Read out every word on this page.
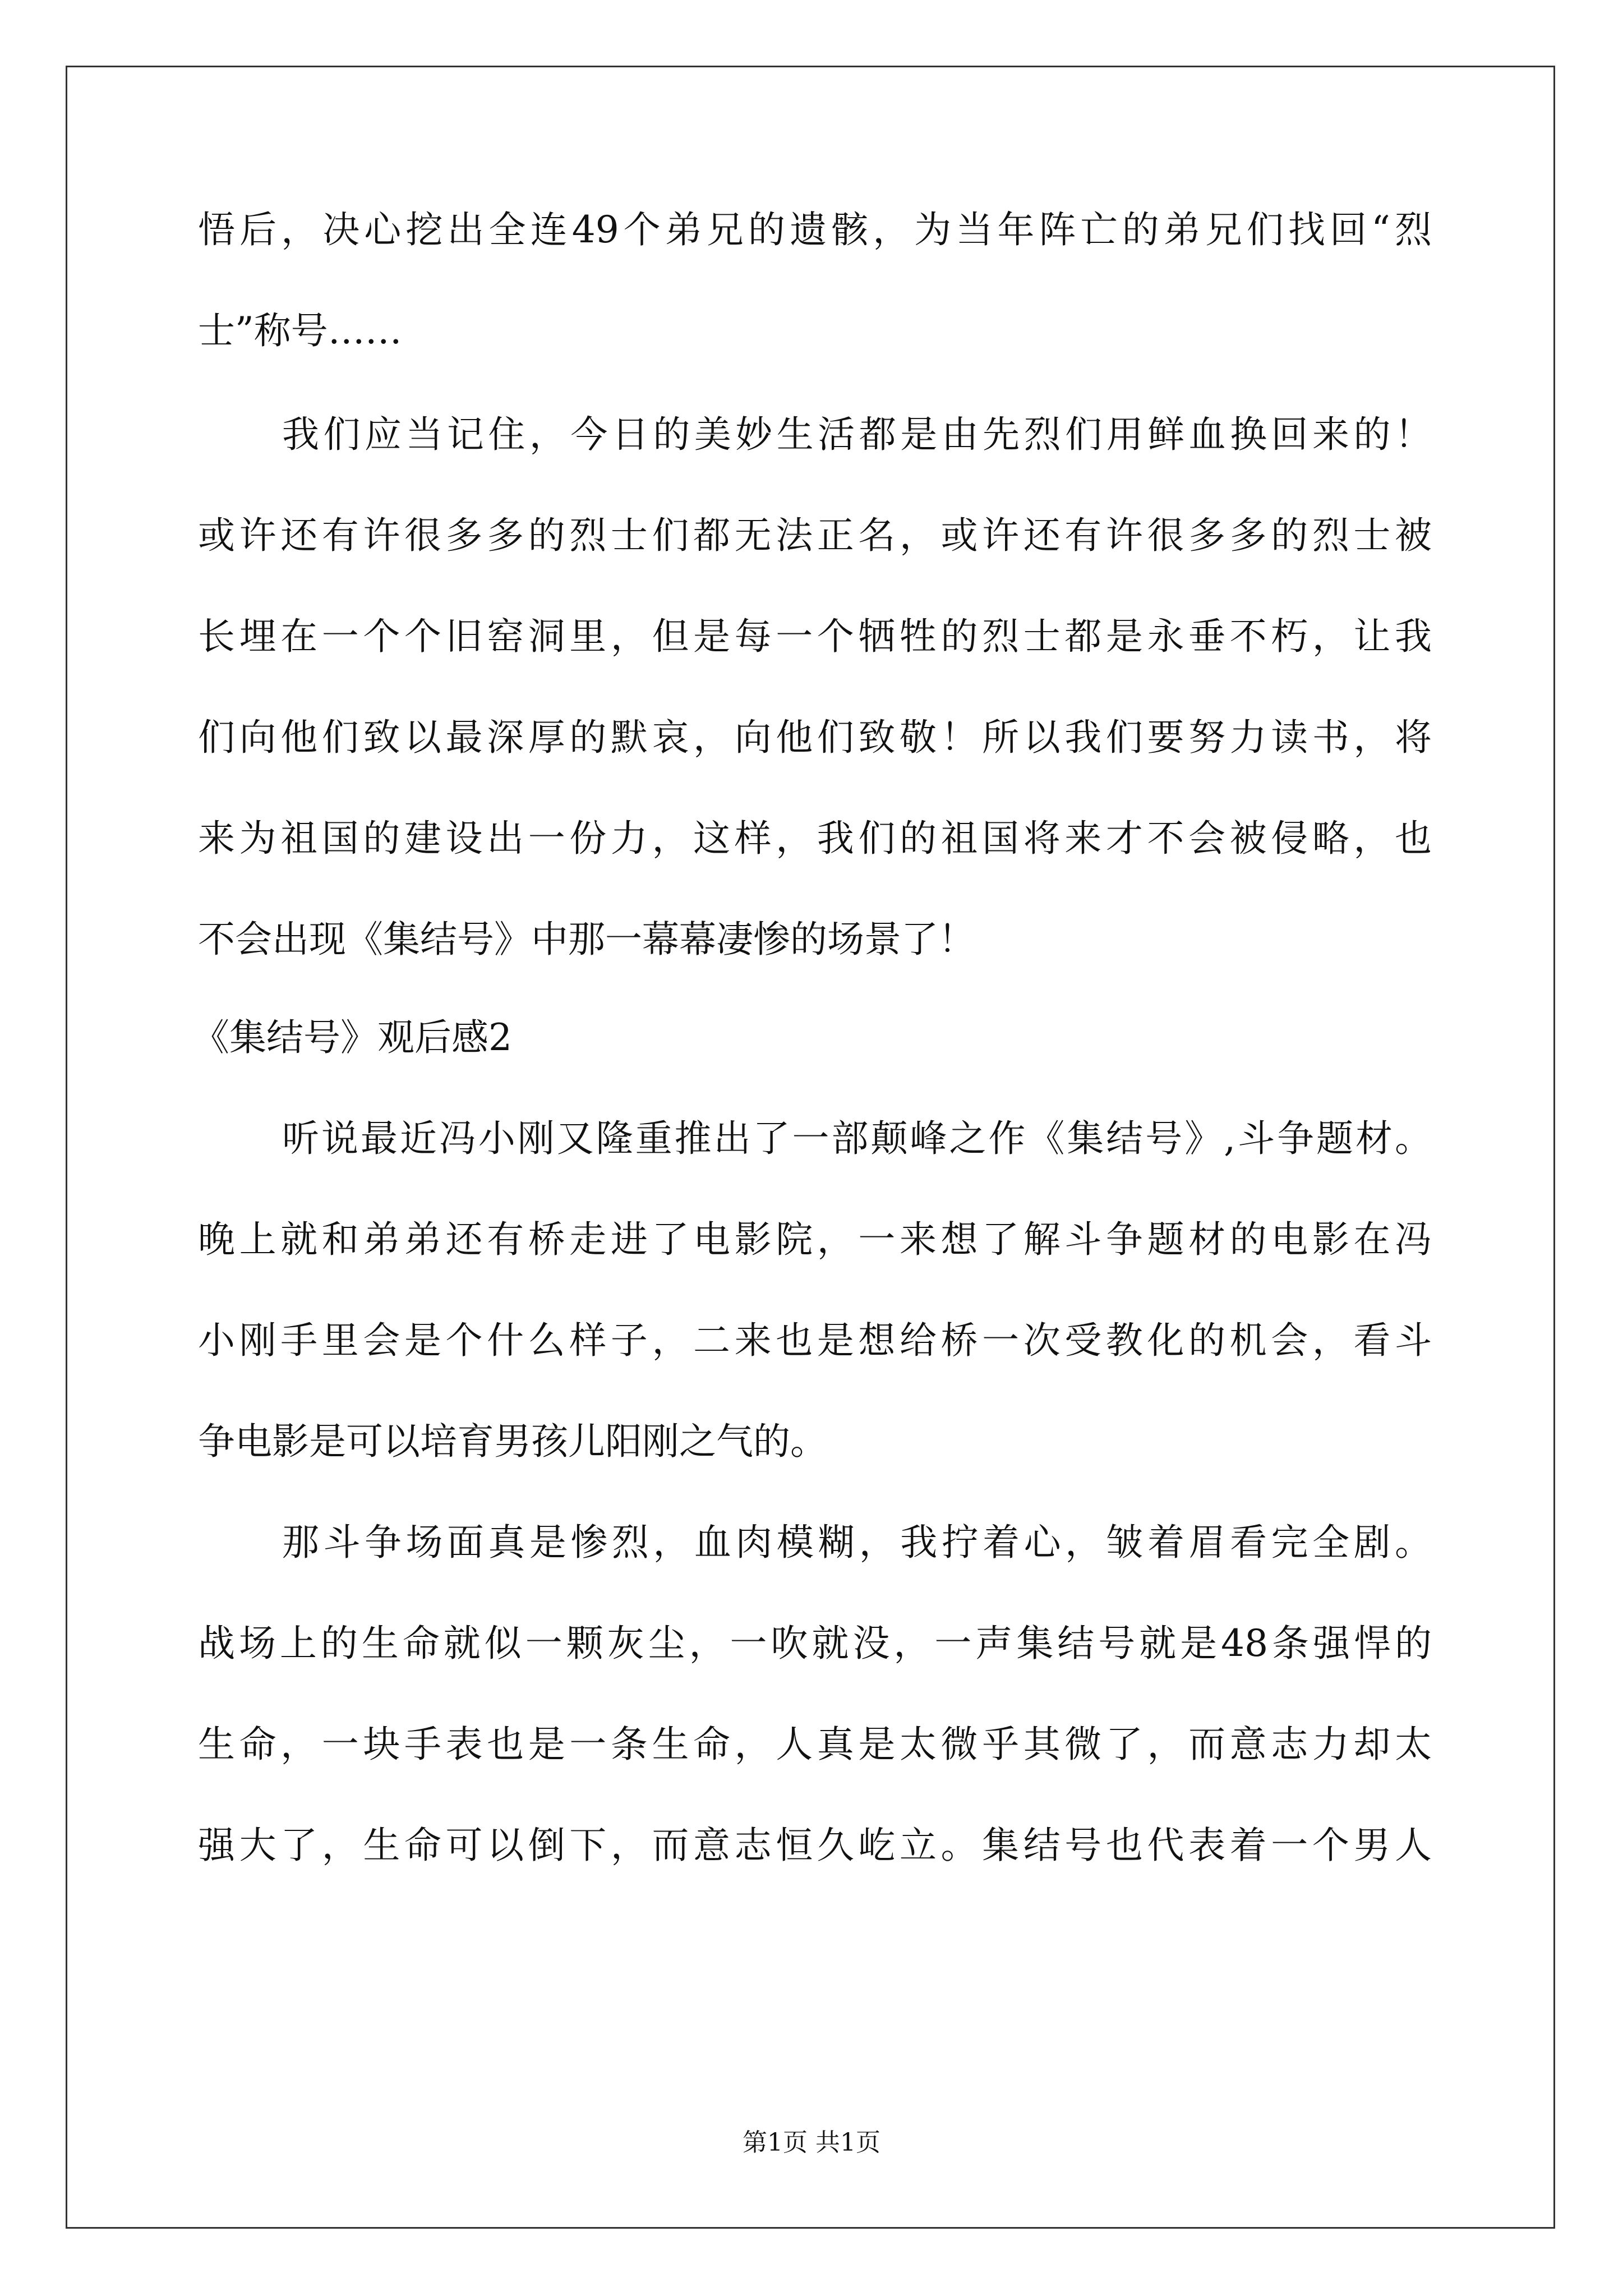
悟后，决心挖出全连49个弟兄的遗骸，为当年阵亡的弟兄们找回“烈
士”称号……
我们应当记住，今日的美妙生活都是由先烈们用鲜血换回来的！
或许还有许很多多的烈士们都无法正名，或许还有许很多多的烈士被
长埋在一个个旧窑洞里，但是每一个牺牲的烈士都是永垂不朽，让我
们向他们致以最深厚的默哀，向他们致敬！所以我们要努力读书，将
来为祖国的建设出一份力，这样，我们的祖国将来才不会被侵略，也
不会出现《集结号》中那一幕幕凄惨的场景了！
《集结号》观后感2
听说最近冯小刚又隆重推出了一部颠峰之作《集结号》,斗争题材。
晚上就和弟弟还有桥走进了电影院，一来想了解斗争题材的电影在冯
小刚手里会是个什么样子，二来也是想给桥一次受教化的机会，看斗
争电影是可以培育男孩儿阳刚之气的。
那斗争场面真是惨烈，血肉模糊，我拧着心，皱着眉看完全剧。
战场上的生命就似一颗灰尘，一吹就没，一声集结号就是48条强悍的
生命，一块手表也是一条生命，人真是太微乎其微了，而意志力却太
强大了，生命可以倒下，而意志恒久屹立。集结号也代表着一个男人
第1页 共1页
